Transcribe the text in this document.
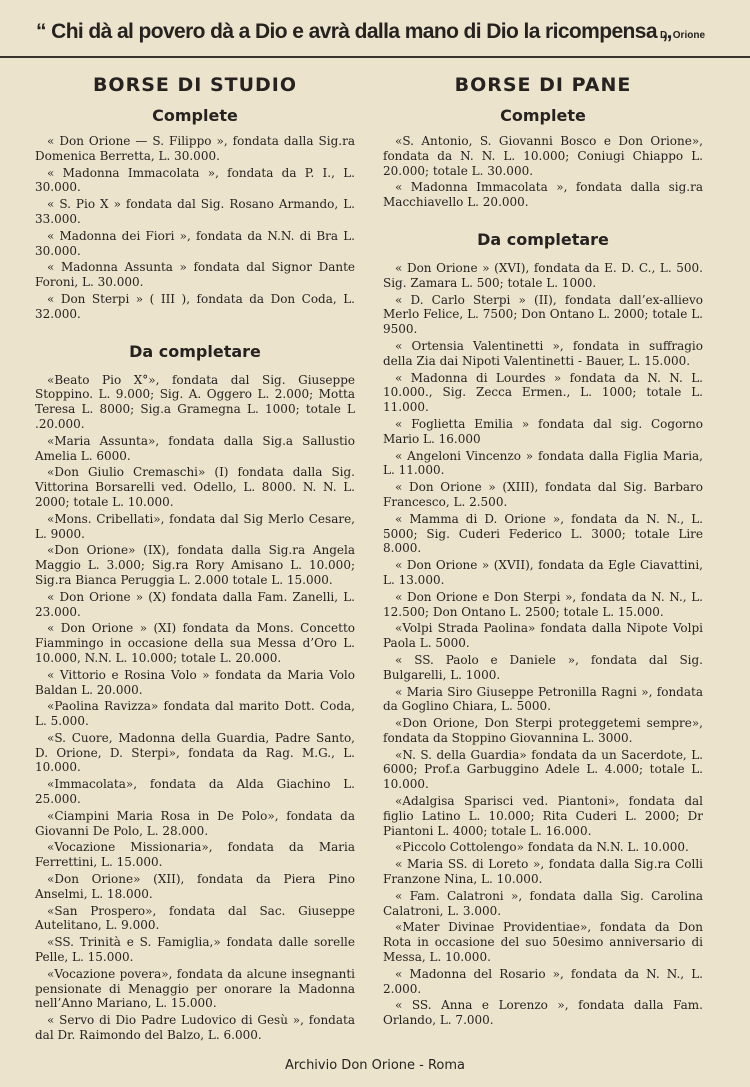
“ Chi dà al povero dà a Dio e avrà dalla mano di Dio la ricompensa „
D. Orione
BORSE DI STUDIO
Complete

« Don Orione — S. Filippo », fondata dalla Sig.ra Domenica Berretta, L. 30.000.

« Madonna Immacolata », fondata da P. I., L. 30.000.

« S. Pio X » fondata dal Sig. Rosano Armando, L. 33.000.

« Madonna dei Fiori », fondata da N.N. di Bra L. 30.000.

« Madonna Assunta » fondata dal Signor Dante Foroni, L. 30.000.

« Don Sterpi » ( III ), fondata da Don Coda, L. 32.000.

Da completare

«Beato Pio X°», fondata dal Sig. Giuseppe Stoppino. L. 9.000; Sig. A. Oggero L. 2.000; Motta Teresa L. 8000; Sig.a Gramegna L. 1000; totale L .20.000.

«Maria Assunta», fondata dalla Sig.a Sallustio Amelia L. 6000.

«Don Giulio Cremaschi» (I) fondata dalla Sig. Vittorina Borsarelli ved. Odello, L. 8000. N. N. L. 2000; totale L. 10.000.

«Mons. Cribellati», fondata dal Sig Merlo Cesare, L. 9000.

«Don Orione» (IX), fondata dalla Sig.ra Angela Maggio L. 3.000; Sig.ra Rory Amisano L. 10.000; Sig.ra Bianca Peruggia L. 2.000 totale L. 15.000.

« Don Orione » (X) fondata dalla Fam. Zanelli, L. 23.000.

« Don Orione » (XI) fondata da Mons. Concetto Fiammingo in occasione della sua Messa d’Oro L. 10.000, N.N. L. 10.000; totale L. 20.000.

« Vittorio e Rosina Volo » fondata da Maria Volo Baldan L. 20.000.

«Paolina Ravizza» fondata dal marito Dott. Coda, L. 5.000.

«S. Cuore, Madonna della Guardia, Padre Santo, D. Orione, D. Sterpi», fondata da Rag. M.G., L. 10.000.

«Immacolata», fondata da Alda Giachino L. 25.000.

«Ciampini Maria Rosa in De Polo», fondata da Giovanni De Polo, L. 28.000.

«Vocazione Missionaria», fondata da Maria Ferrettini, L. 15.000.

«Don Orione» (XII), fondata da Piera Pino Anselmi, L. 18.000.

«San Prospero», fondata dal Sac. Giuseppe Autelitano, L. 9.000.

«SS. Trinità e S. Famiglia,» fondata dalle sorelle Pelle, L. 15.000.

«Vocazione povera», fondata da alcune insegnanti pensionate di Menaggio per onorare la Madonna nell’Anno Mariano, L. 15.000.

« Servo di Dio Padre Ludovico di Gesù », fondata dal Dr. Raimondo del Balzo, L. 6.000.

BORSE DI PANE
Complete

«S. Antonio, S. Giovanni Bosco e Don Orione», fondata da N. N. L. 10.000; Coniugi Chiappo L. 20.000; totale L. 30.000.

« Madonna Immacolata », fondata dalla sig.ra Macchiavello L. 20.000.

Da completare

« Don Orione » (XVI), fondata da E. D. C., L. 500. Sig. Zamara L. 500; totale L. 1000.

« D. Carlo Sterpi » (II), fondata dall’ex-allievo Merlo Felice, L. 7500; Don Ontano L. 2000; totale L. 9500.

« Ortensia Valentinetti », fondata in suffragio della Zia dai Nipoti Valentinetti - Bauer, L. 15.000.

« Madonna di Lourdes » fondata da N. N. L. 10.000., Sig. Zecca Ermen., L. 1000; totale L. 11.000.

« Foglietta Emilia » fondata dal sig. Cogorno Mario L. 16.000

« Angeloni Vincenzo » fondata dalla Figlia Maria, L. 11.000.

« Don Orione » (XIII), fondata dal Sig. Barbaro Francesco, L. 2.500.

« Mamma di D. Orione », fondata da N. N., L. 5000; Sig. Cuderi Federico L. 3000; totale Lire 8.000.

« Don Orione » (XVII), fondata da Egle Ciavattini, L. 13.000.

« Don Orione e Don Sterpi », fondata da N. N., L. 12.500; Don Ontano L. 2500; totale L. 15.000.

«Volpi Strada Paolina» fondata dalla Nipote Volpi Paola L. 5000.

« SS. Paolo e Daniele », fondata dal Sig. Bulgarelli, L. 1000.

« Maria Siro Giuseppe Petronilla Ragni », fondata da Goglino Chiara, L. 5000.

«Don Orione, Don Sterpi proteggetemi sempre», fondata da Stoppino Giovannina L. 3000.

«N. S. della Guardia» fondata da un Sacerdote, L. 6000; Prof.a Garbuggino Adele L. 4.000; totale L. 10.000.

«Adalgisa Sparisci ved. Piantoni», fondata dal figlio Latino L. 10.000; Rita Cuderi L. 2000; Dr Piantoni L. 4000; totale L. 16.000.

«Piccolo Cottolengo» fondata da N.N. L. 10.000.

« Maria SS. di Loreto », fondata dalla Sig.ra Colli Franzone Nina, L. 10.000.

« Fam. Calatroni », fondata dalla Sig. Carolina Calatroni, L. 3.000.

«Mater Divinae Providentiae», fondata da Don Rota in occasione del suo 50esimo anniversario di Messa, L. 10.000.

« Madonna del Rosario », fondata da N. N., L. 2.000.

« SS. Anna e Lorenzo », fondata dalla Fam. Orlando, L. 7.000.

Archivio Don Orione - Roma
